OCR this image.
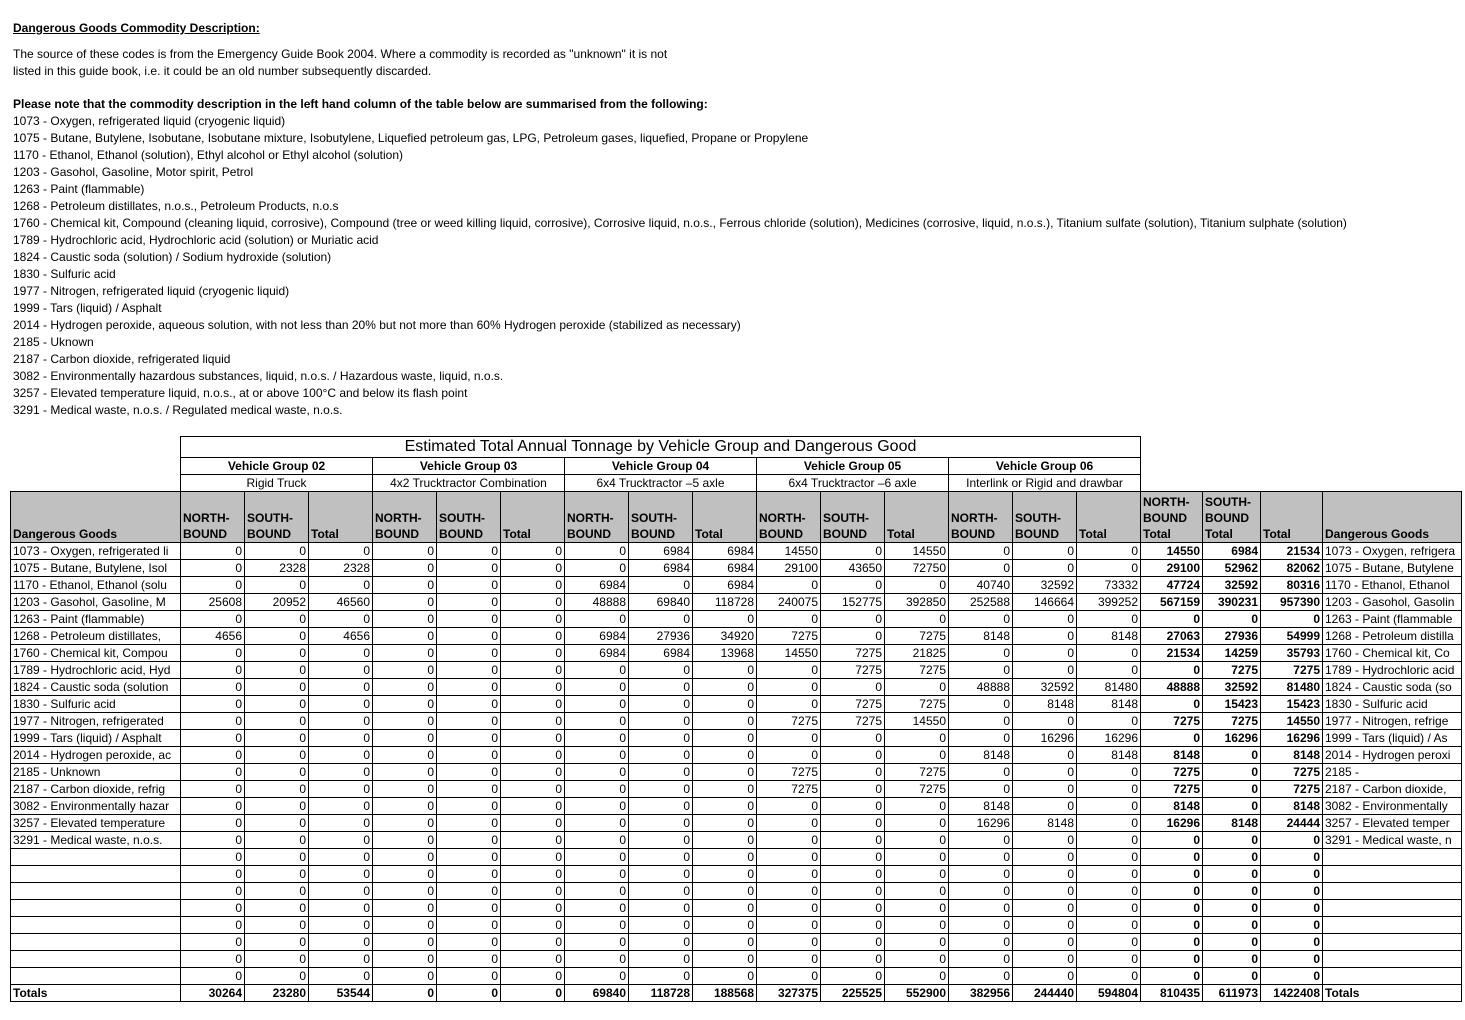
Dangerous Goods Commodity Description:
The source of these codes is from the Emergency Guide Book 2004. Where a commodity is recorded as "unknown" it is not
listed in this guide book, i.e. it could be an old number subsequently discarded.
Please note that the commodity description in the left hand column of the table below are summarised from the following:
1073 - Oxygen, refrigerated liquid (cryogenic liquid)
1075 - Butane, Butylene, Isobutane, Isobutane mixture, Isobutylene, Liquefied petroleum gas, LPG, Petroleum gases, liquefied, Propane or Propylene
1170 - Ethanol, Ethanol (solution), Ethyl alcohol or Ethyl alcohol (solution)
1203 - Gasohol, Gasoline, Motor spirit, Petrol
1263 - Paint (flammable)
1268 - Petroleum distillates, n.o.s., Petroleum Products, n.o.s
1760 - Chemical kit, Compound (cleaning liquid, corrosive), Compound (tree or weed killing liquid, corrosive), Corrosive liquid, n.o.s., Ferrous chloride (solution), Medicines (corrosive, liquid, n.o.s.), Titanium sulfate (solution), Titanium sulphate (solution)
1789 - Hydrochloric acid, Hydrochloric acid (solution) or Muriatic acid
1824 - Caustic soda (solution) / Sodium hydroxide (solution)
1830 - Sulfuric acid
1977 - Nitrogen, refrigerated liquid (cryogenic liquid)
1999 - Tars (liquid) / Asphalt
2014 - Hydrogen peroxide, aqueous solution, with not less than 20% but not more than 60% Hydrogen peroxide (stabilized as necessary)
2185 - Uknown
2187 - Carbon dioxide, refrigerated liquid
3082 - Environmentally hazardous substances, liquid, n.o.s. / Hazardous waste, liquid, n.o.s.
3257 - Elevated temperature liquid, n.o.s., at or above 100°C and below its flash point
3291 - Medical waste, n.o.s. / Regulated medical waste, n.o.s.
	Estimated Total Annual Tonnage by Vehicle Group and Dangerous Good																		
	Vehicle Group 02			Vehicle Group 03			Vehicle Group 04			Vehicle Group 05			Vehicle Group 06						
	Rigid Truck			4x2 Trucktractor Combination			6x4 Trucktractor –5 axle			6x4 Trucktractor –6 axle			Interlink or Rigid and drawbar						
Dangerous Goods	NORTH-BOUND	SOUTH-BOUND	Total	NORTH-BOUND	SOUTH-BOUND	Total	NORTH-BOUND	SOUTH-BOUND	Total	NORTH-BOUND	SOUTH-BOUND	Total	NORTH-BOUND	SOUTH-BOUND	Total	NORTH-BOUND Total	SOUTH-BOUND Total	Total	Dangerous Goods
1073 - Oxygen, refrigerated li	0	0	0	0	0	0	0	6984	6984	14550	0	14550	0	0	0	14550	6984	21534	1073 - Oxygen, refrigera
1075 - Butane, Butylene, Isol	0	2328	2328	0	0	0	0	6984	6984	29100	43650	72750	0	0	0	29100	52962	82062	1075 - Butane, Butylene
1170 - Ethanol, Ethanol (solu	0	0	0	0	0	0	6984	0	6984	0	0	0	40740	32592	73332	47724	32592	80316	1170 - Ethanol, Ethanol
1203 - Gasohol, Gasoline, M	25608	20952	46560	0	0	0	48888	69840	118728	240075	152775	392850	252588	146664	399252	567159	390231	957390	1203 - Gasohol, Gasolin
1263 - Paint (flammable)	0	0	0	0	0	0	0	0	0	0	0	0	0	0	0	0	0	0	1263 - Paint (flammable
1268 - Petroleum distillates,	4656	0	4656	0	0	0	6984	27936	34920	7275	0	7275	8148	0	8148	27063	27936	54999	1268 - Petroleum distilla
1760 - Chemical kit, Compou	0	0	0	0	0	0	6984	6984	13968	14550	7275	21825	0	0	0	21534	14259	35793	1760 - Chemical kit, Co
1789 - Hydrochloric acid, Hyd	0	0	0	0	0	0	0	0	0	0	7275	7275	0	0	0	0	7275	7275	1789 - Hydrochloric acid
1824 - Caustic soda (solution	0	0	0	0	0	0	0	0	0	0	0	0	48888	32592	81480	48888	32592	81480	1824 - Caustic soda (so
1830 - Sulfuric acid	0	0	0	0	0	0	0	0	0	0	7275	7275	0	8148	8148	0	15423	15423	1830 - Sulfuric acid
1977 - Nitrogen, refrigerated	0	0	0	0	0	0	0	0	0	7275	7275	14550	0	0	0	7275	7275	14550	1977 - Nitrogen, refrige
1999 - Tars (liquid) / Asphalt	0	0	0	0	0	0	0	0	0	0	0	0	0	16296	16296	0	16296	16296	1999 - Tars (liquid) / As
2014 - Hydrogen peroxide, ac	0	0	0	0	0	0	0	0	0	0	0	0	8148	0	8148	8148	0	8148	2014 - Hydrogen peroxi
2185 - Unknown	0	0	0	0	0	0	0	0	0	7275	0	7275	0	0	0	7275	0	7275	2185 -
2187 - Carbon dioxide, refrig	0	0	0	0	0	0	0	0	0	7275	0	7275	0	0	0	7275	0	7275	2187 - Carbon dioxide,
3082 - Environmentally hazar	0	0	0	0	0	0	0	0	0	0	0	0	8148	0	0	8148	0	8148	3082 - Environmentally
3257 - Elevated temperature	0	0	0	0	0	0	0	0	0	0	0	0	16296	8148	0	16296	8148	24444	3257 - Elevated temper
3291 - Medical waste, n.o.s.	0	0	0	0	0	0	0	0	0	0	0	0	0	0	0	0	0	0	3291 - Medical waste, n
	0	0	0	0	0	0	0	0	0	0	0	0	0	0	0	0	0	0	
	0	0	0	0	0	0	0	0	0	0	0	0	0	0	0	0	0	0	
	0	0	0	0	0	0	0	0	0	0	0	0	0	0	0	0	0	0	
	0	0	0	0	0	0	0	0	0	0	0	0	0	0	0	0	0	0	
	0	0	0	0	0	0	0	0	0	0	0	0	0	0	0	0	0	0	
	0	0	0	0	0	0	0	0	0	0	0	0	0	0	0	0	0	0	
	0	0	0	0	0	0	0	0	0	0	0	0	0	0	0	0	0	0	
	0	0	0	0	0	0	0	0	0	0	0	0	0	0	0	0	0	0	
Totals	30264	23280	53544	0	0	0	69840	118728	188568	327375	225525	552900	382956	244440	594804	810435	611973	1422408	Totals
